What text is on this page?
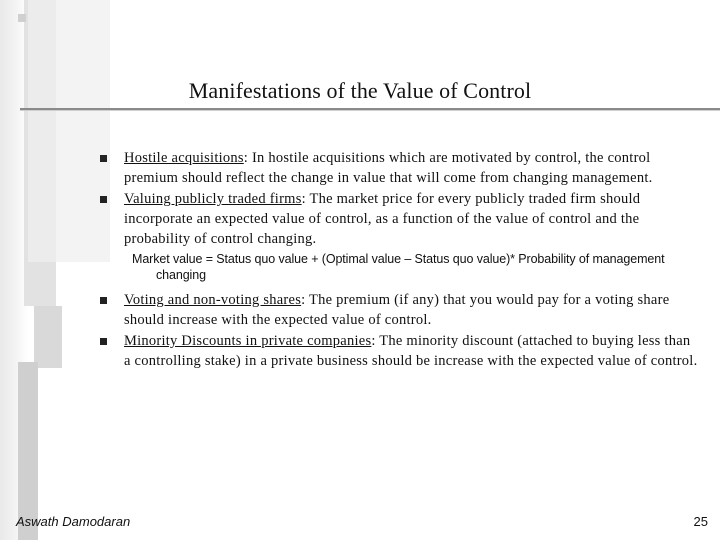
Manifestations of the Value of Control
Hostile acquisitions: In hostile acquisitions which are motivated by control, the control premium should reflect the change in value that will come from changing management.
Valuing publicly traded firms: The market price for every publicly traded firm should incorporate an expected value of control, as a function of the value of control and the probability of control changing.
Market value = Status quo value + (Optimal value – Status quo value)* Probability of management
changing
Voting and non-voting shares: The premium (if any) that you would pay for a voting share should increase with the expected value of control.
Minority Discounts in private companies: The minority discount (attached to buying less than a controlling stake) in a private business should be increase with the expected value of control.
Aswath Damodaran	25
